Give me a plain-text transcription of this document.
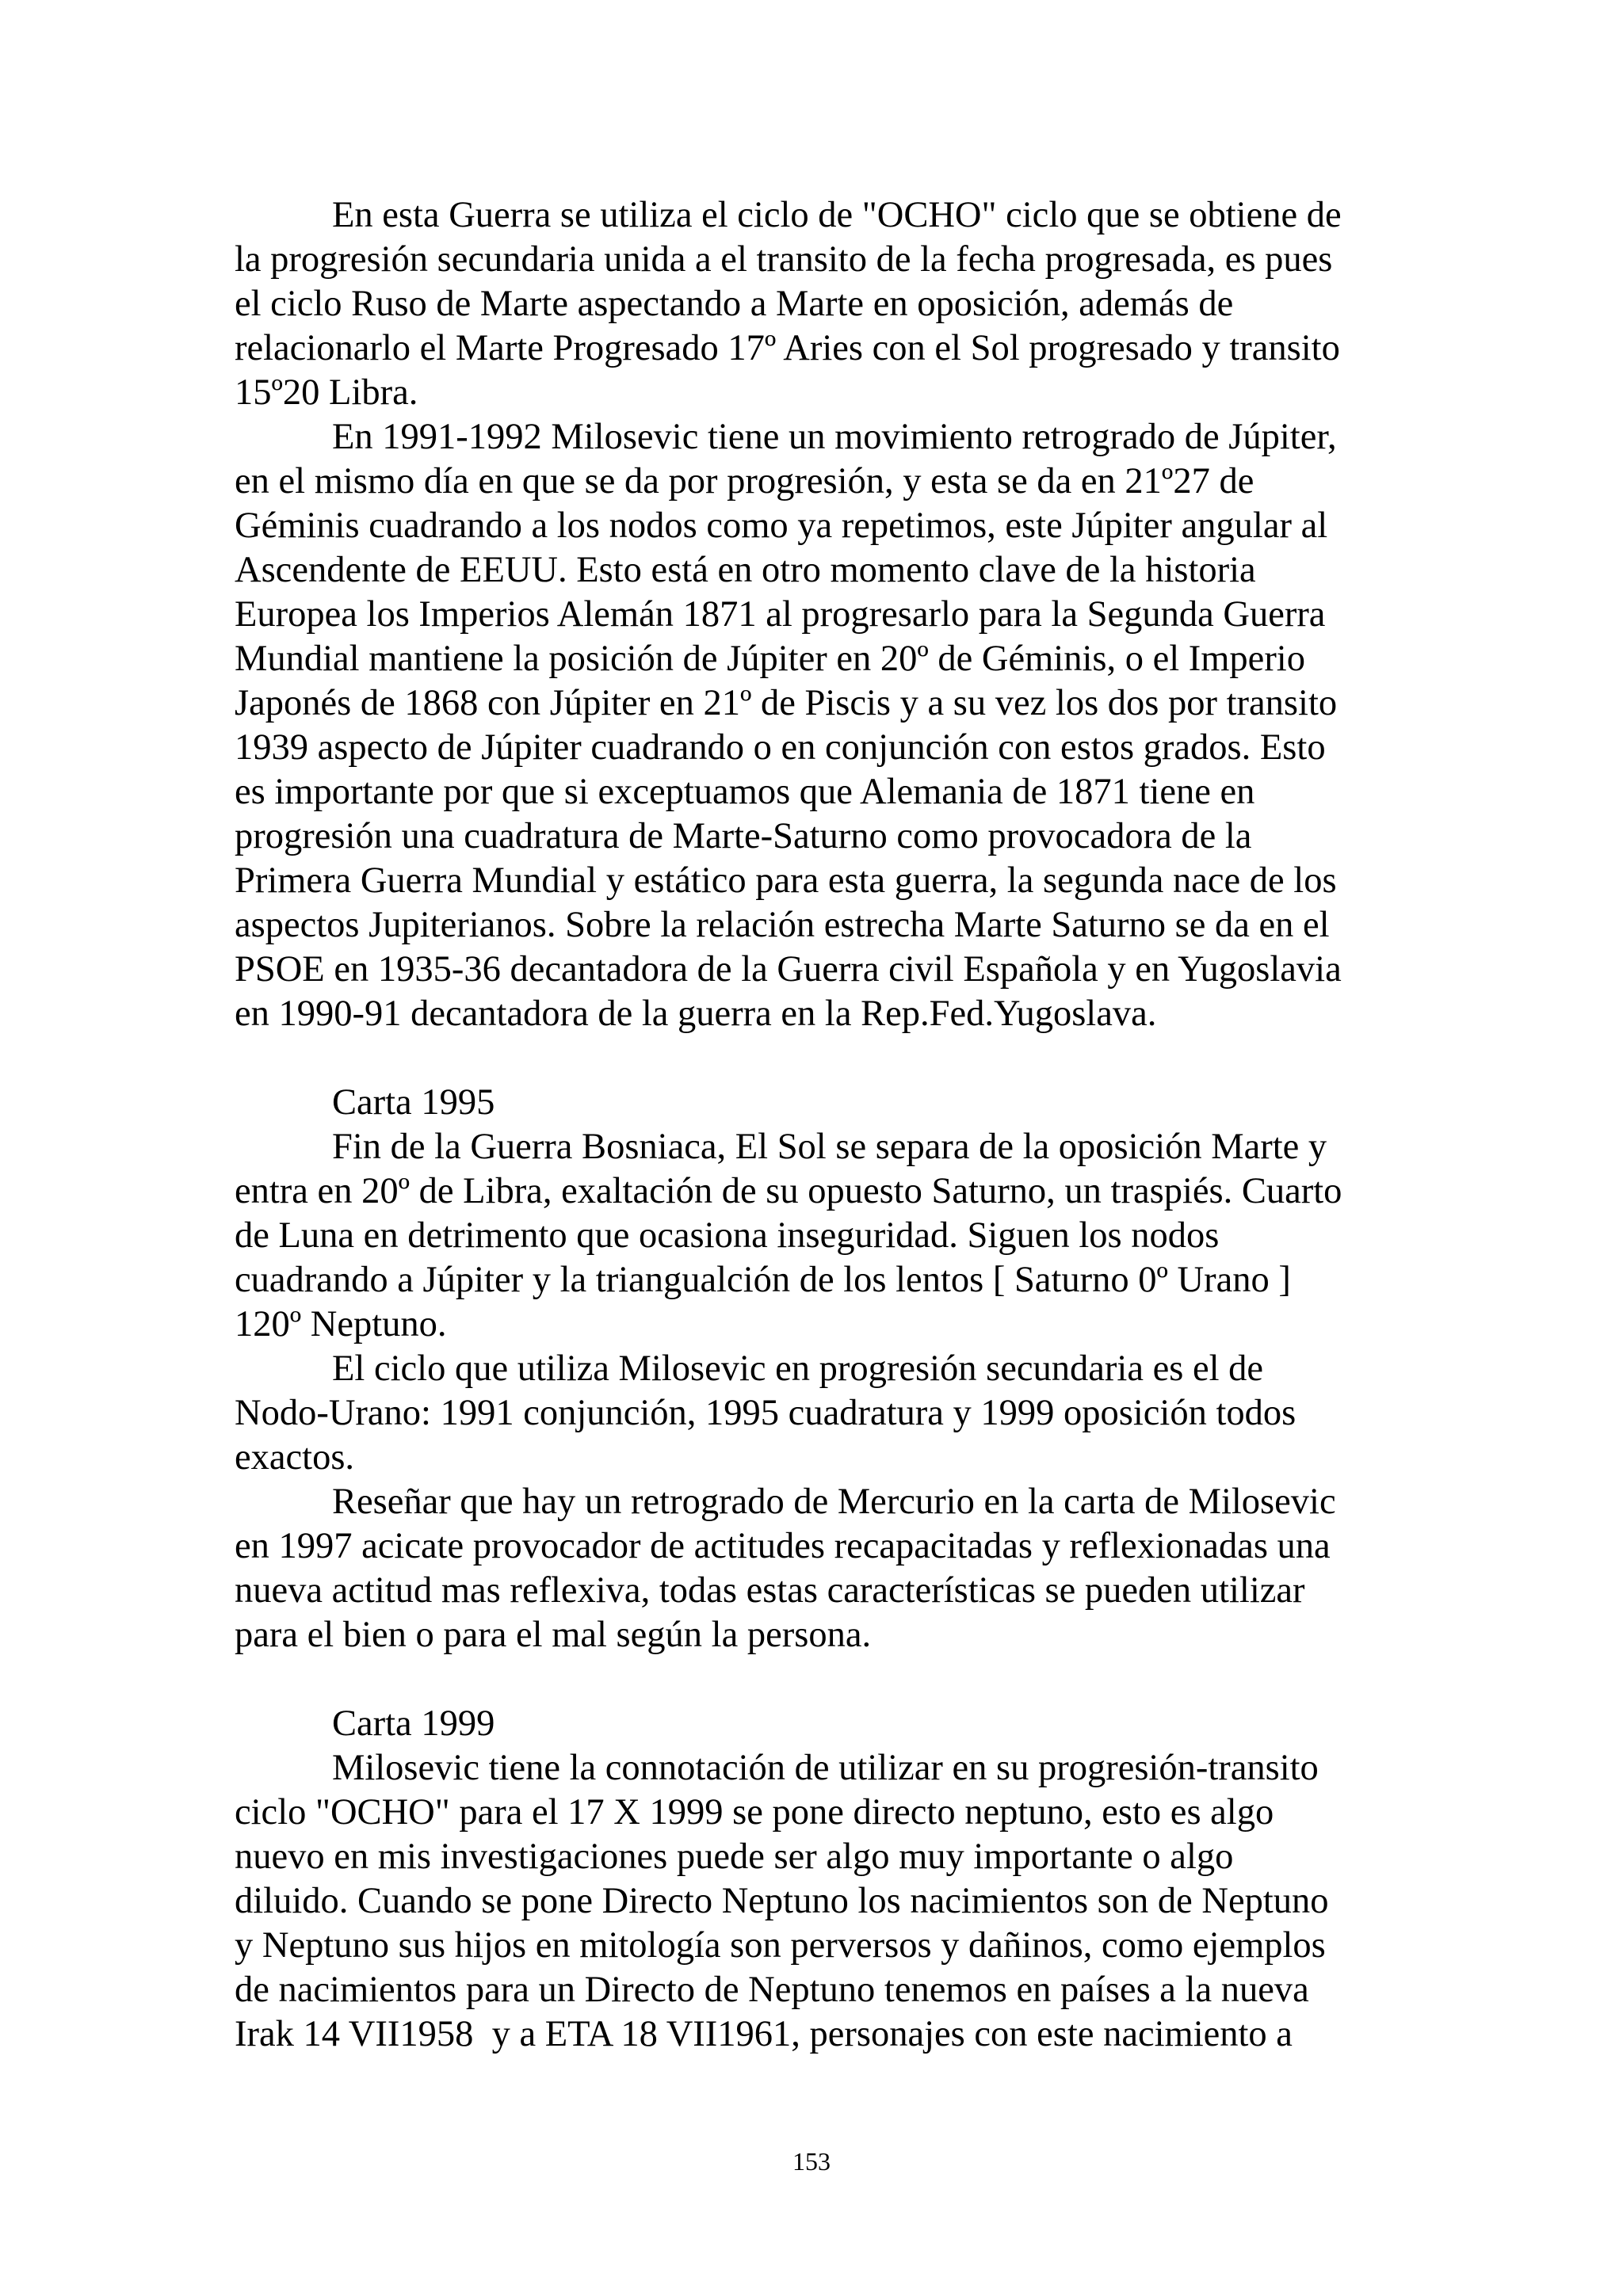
En esta Guerra se utiliza el ciclo de "OCHO" ciclo que se obtiene de
la progresión secundaria unida a el transito de la fecha progresada, es pues
el ciclo Ruso de Marte aspectando a Marte en oposición, además de
relacionarlo el Marte Progresado 17º Aries con el Sol progresado y transito
15º20 Libra.
En 1991-1992 Milosevic tiene un movimiento retrogrado de Júpiter,
en el mismo día en que se da por progresión, y esta se da en 21º27 de
Géminis cuadrando a los nodos como ya repetimos, este Júpiter angular al
Ascendente de EEUU. Esto está en otro momento clave de la historia
Europea los Imperios Alemán 1871 al progresarlo para la Segunda Guerra
Mundial mantiene la posición de Júpiter en 20º de Géminis, o el Imperio
Japonés de 1868 con Júpiter en 21º de Piscis y a su vez los dos por transito
1939 aspecto de Júpiter cuadrando o en conjunción con estos grados. Esto
es importante por que si exceptuamos que Alemania de 1871 tiene en
progresión una cuadratura de Marte-Saturno como provocadora de la
Primera Guerra Mundial y estático para esta guerra, la segunda nace de los
aspectos Jupiterianos. Sobre la relación estrecha Marte Saturno se da en el
PSOE en 1935-36 decantadora de la Guerra civil Española y en Yugoslavia
en 1990-91 decantadora de la guerra en la Rep.Fed.Yugoslava.
Carta 1995
Fin de la Guerra Bosniaca, El Sol se separa de la oposición Marte y
entra en 20º de Libra, exaltación de su opuesto Saturno, un traspiés. Cuarto
de Luna en detrimento que ocasiona inseguridad. Siguen los nodos
cuadrando a Júpiter y la triangualción de los lentos [ Saturno 0º Urano ]
120º Neptuno.
El ciclo que utiliza Milosevic en progresión secundaria es el de
Nodo-Urano: 1991 conjunción, 1995 cuadratura y 1999 oposición todos
exactos.
Reseñar que hay un retrogrado de Mercurio en la carta de Milosevic
en 1997 acicate provocador de actitudes recapacitadas y reflexionadas una
nueva actitud mas reflexiva, todas estas características se pueden utilizar
para el bien o para el mal según la persona.
Carta 1999
Milosevic tiene la connotación de utilizar en su progresión-transito
ciclo "OCHO" para el 17 X 1999 se pone directo neptuno, esto es algo
nuevo en mis investigaciones puede ser algo muy importante o algo
diluido. Cuando se pone Directo Neptuno los nacimientos son de Neptuno
y Neptuno sus hijos en mitología son perversos y dañinos, como ejemplos
de nacimientos para un Directo de Neptuno tenemos en países a la nueva
Irak 14 VII1958  y a ETA 18 VII1961, personajes con este nacimiento a
153
